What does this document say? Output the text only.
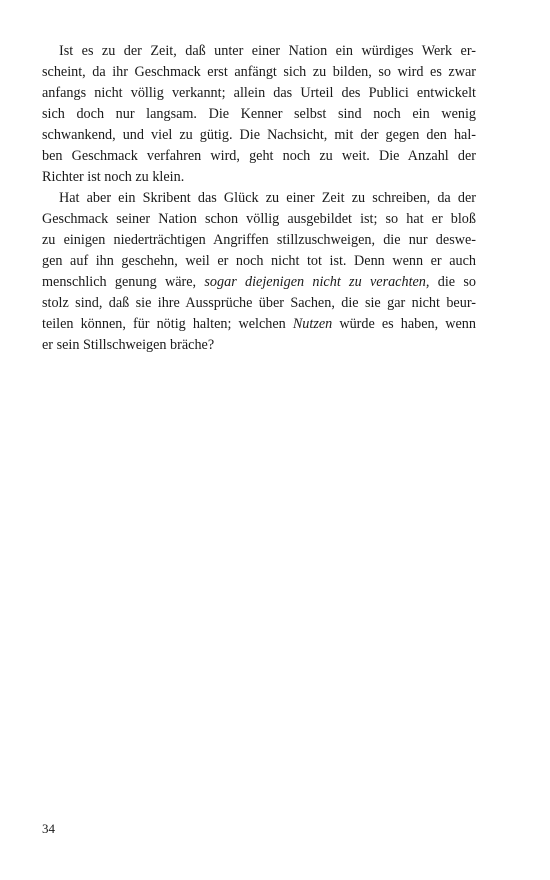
Ist es zu der Zeit, daß unter einer Nation ein würdiges Werk er-
scheint, da ihr Geschmack erst anfängt sich zu bilden, so wird es zwar
anfangs nicht völlig verkannt; allein das Urteil des Publici entwickelt
sich doch nur langsam. Die Kenner selbst sind noch ein wenig
schwankend, und viel zu gütig. Die Nachsicht, mit der gegen den hal-
ben Geschmack verfahren wird, geht noch zu weit. Die Anzahl der
Richter ist noch zu klein.
Hat aber ein Skribent das Glück zu einer Zeit zu schreiben, da der
Geschmack seiner Nation schon völlig ausgebildet ist; so hat er bloß
zu einigen niederträchtigen Angriffen stillzuschweigen, die nur deswe-
gen auf ihn geschehn, weil er noch nicht tot ist. Denn wenn er auch
menschlich genung wäre, sogar diejenigen nicht zu verachten, die so
stolz sind, daß sie ihre Aussprüche über Sachen, die sie gar nicht beur-
teilen können, für nötig halten; welchen Nutzen würde es haben, wenn
er sein Stillschweigen bräche?
34
